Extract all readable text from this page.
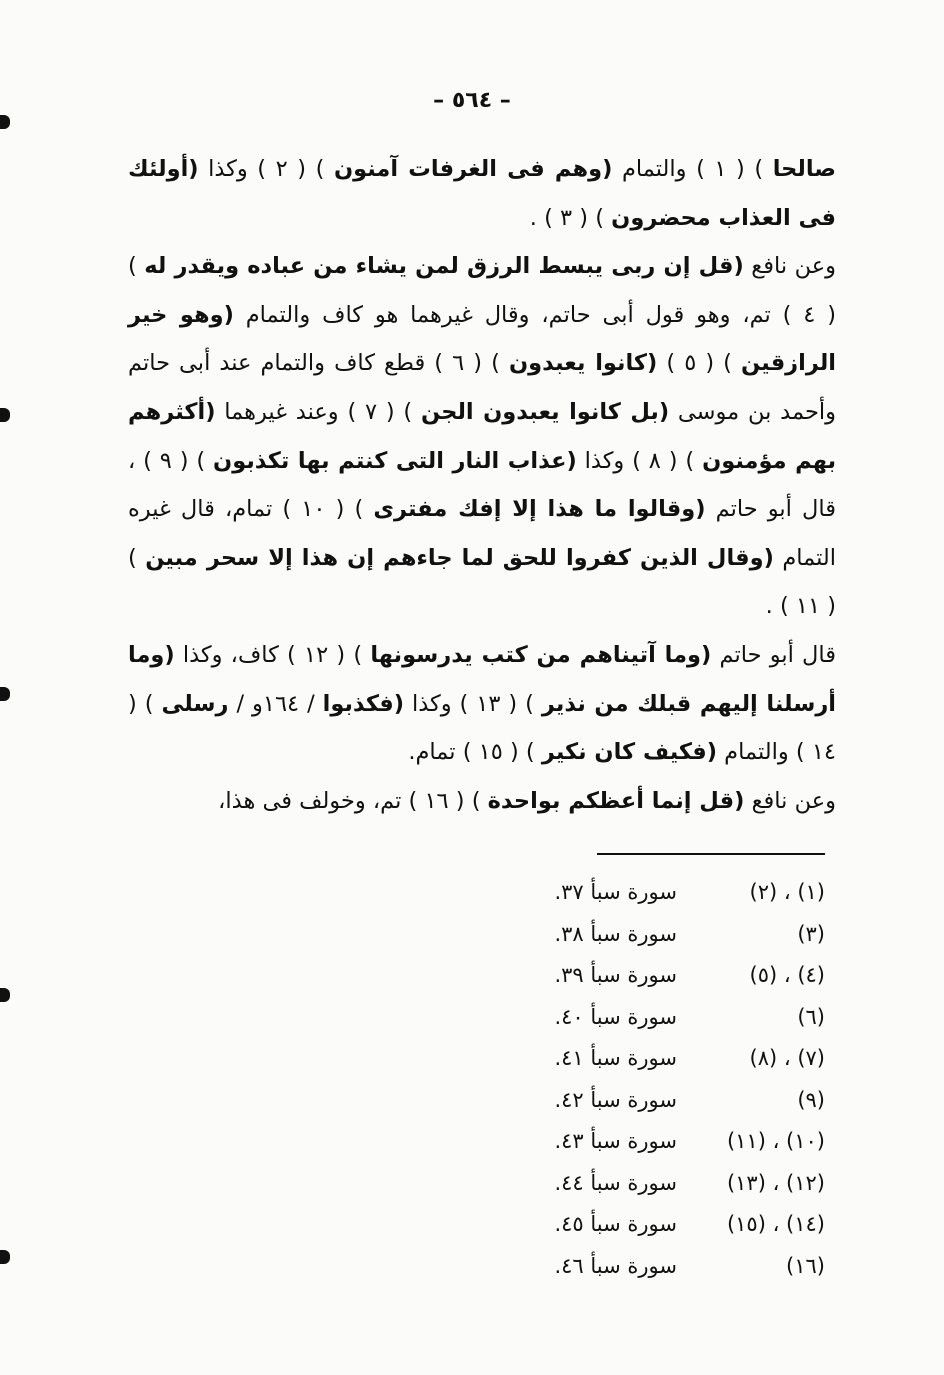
– ٥٦٤ –

صالحا ) ( ١ ) والتمام (وهم فى الغرفات آمنون ) ( ٢ ) وكذا (أولئك فى العذاب محضرون ) ( ٣ ) .

وعن نافع (قل إن ربى يبسط الرزق لمن يشاء من عباده ويقدر له ) ( ٤ ) تم، وهو قول أبى حاتم، وقال غيرهما هو كاف والتمام (وهو خير الرازقين ) ( ٥ ) (كانوا يعبدون ) ( ٦ ) قطع كاف والتمام عند أبى حاتم وأحمد بن موسى (بل كانوا يعبدون الجن ) ( ٧ ) وعند غيرهما (أكثرهم بهم مؤمنون ) ( ٨ ) وكذا (عذاب النار التى كنتم بها تكذبون ) ( ٩ ) ، قال أبو حاتم (وقالوا ما هذا إلا إفك مفترى ) ( ١٠ ) تمام، قال غيره التمام (وقال الذين كفروا للحق لما جاءهم إن هذا إلا سحر مبين ) ( ١١ ) .

قال أبو حاتم (وما آتيناهم من كتب يدرسونها ) ( ١٢ ) كاف، وكذا (وما أرسلنا إليهم قبلك من نذير ) ( ١٣ ) وكذا (فكذبوا / ١٦٤و / رسلى ) ( ١٤ ) والتمام (فكيف كان نكير ) ( ١٥ ) تمام.

وعن نافع (قل إنما أعظكم بواحدة ) ( ١٦ ) تم، وخولف فى هذا،

(١) ، (٢)
سورة سبأ ٣٧.
(٣)
سورة سبأ ٣٨.
(٤) ، (٥)
سورة سبأ ٣٩.
(٦)
سورة سبأ ٤٠.
(٧) ، (٨)
سورة سبأ ٤١.
(٩)
سورة سبأ ٤٢.
(١٠) ، (١١)
سورة سبأ ٤٣.
(١٢) ، (١٣)
سورة سبأ ٤٤.
(١٤) ، (١٥)
سورة سبأ ٤٥.
(١٦)
سورة سبأ ٤٦.
